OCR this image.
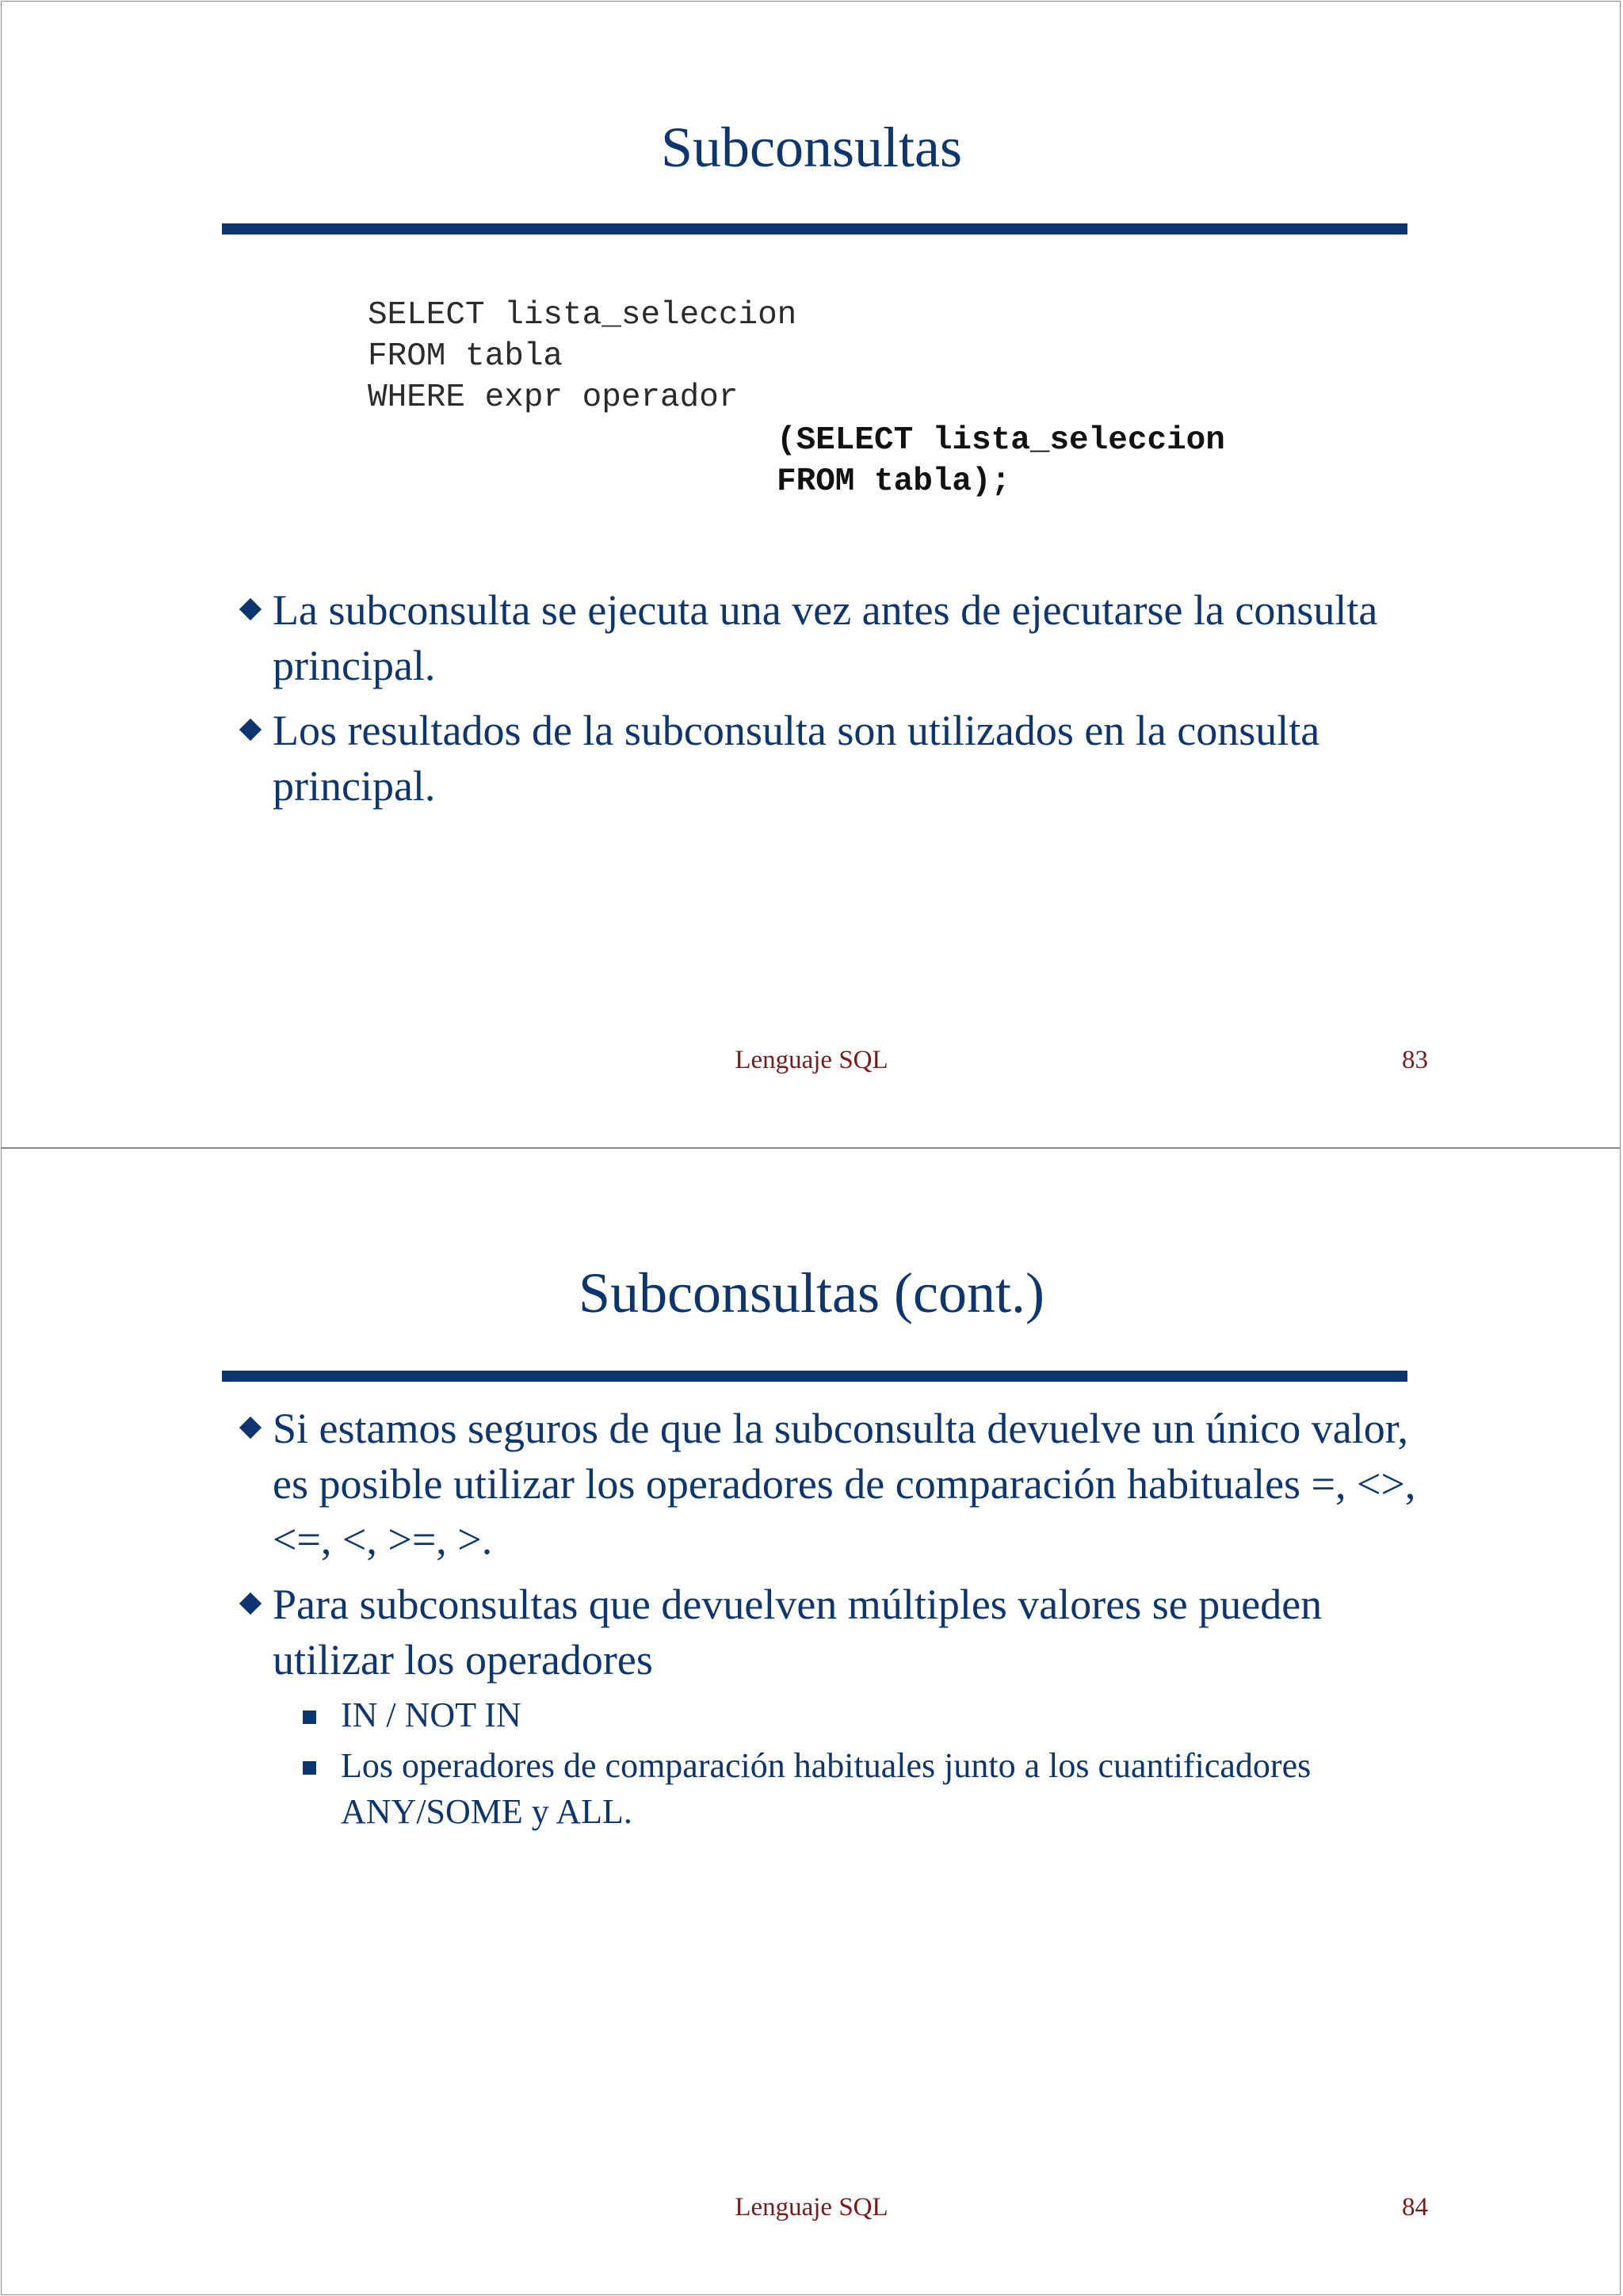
Subconsultas
SELECT lista_seleccion
FROM tabla
WHERE expr operador
(SELECT lista_seleccion
FROM tabla);
La subconsulta se ejecuta una vez antes de ejecutarse la consulta principal.
Los resultados de la subconsulta son utilizados en la consulta principal.
Lenguaje SQL	83
Subconsultas (cont.)
Si estamos seguros de que la subconsulta devuelve un único valor, es posible utilizar los operadores de comparación habituales =, <>, <=, <, >=, >.
Para subconsultas que devuelven múltiples valores se pueden utilizar los operadores
IN / NOT IN
Los operadores de comparación habituales junto a los cuantificadores ANY/SOME y ALL.
Lenguaje SQL	84
